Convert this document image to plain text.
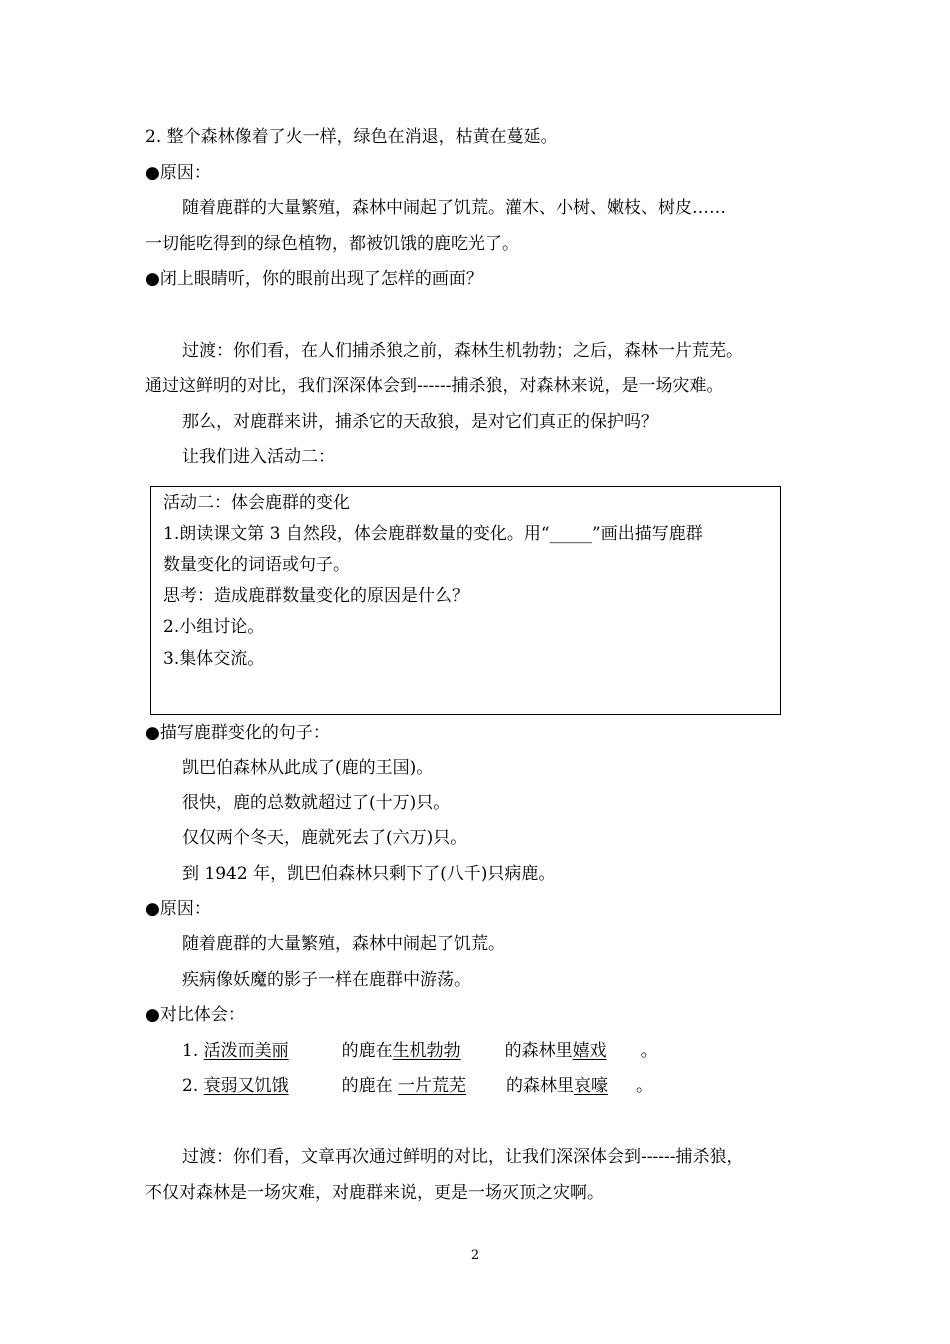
2. 整个森林像着了火一样，绿色在消退，枯黄在蔓延。
●原因：
随着鹿群的大量繁殖，森林中闹起了饥荒。灌木、小树、嫩枝、树皮……
一切能吃得到的绿色植物，都被饥饿的鹿吃光了。
●闭上眼睛听，你的眼前出现了怎样的画面？
过渡：你们看，在人们捕杀狼之前，森林生机勃勃；之后，森林一片荒芜。
通过这鲜明的对比，我们深深体会到------捕杀狼，对森林来说，是一场灾难。
那么，对鹿群来讲，捕杀它的天敌狼，是对它们真正的保护吗？
让我们进入活动二：
活动二：体会鹿群的变化
1.朗读课文第 3 自然段，体会鹿群数量的变化。用“_____”画出描写鹿群
数量变化的词语或句子。
思考：造成鹿群数量变化的原因是什么？
2.小组讨论。
3.集体交流。
●描写鹿群变化的句子：
凯巴伯森林从此成了(鹿的王国)。
很快，鹿的总数就超过了(十万)只。
仅仅两个冬天，鹿就死去了(六万)只。
到 1942 年，凯巴伯森林只剩下了(八千)只病鹿。
●原因：
随着鹿群的大量繁殖，森林中闹起了饥荒。
疾病像妖魔的影子一样在鹿群中游荡。
●对比体会：
1. 活泼而美丽	的鹿在生机勃勃	的森林里嬉戏。
2. 衰弱又饥饿	的鹿在 一片荒芜的森林里哀嚎。
过渡：你们看，文章再次通过鲜明的对比，让我们深深体会到------捕杀狼，
不仅对森林是一场灾难，对鹿群来说，更是一场灭顶之灾啊。
2
